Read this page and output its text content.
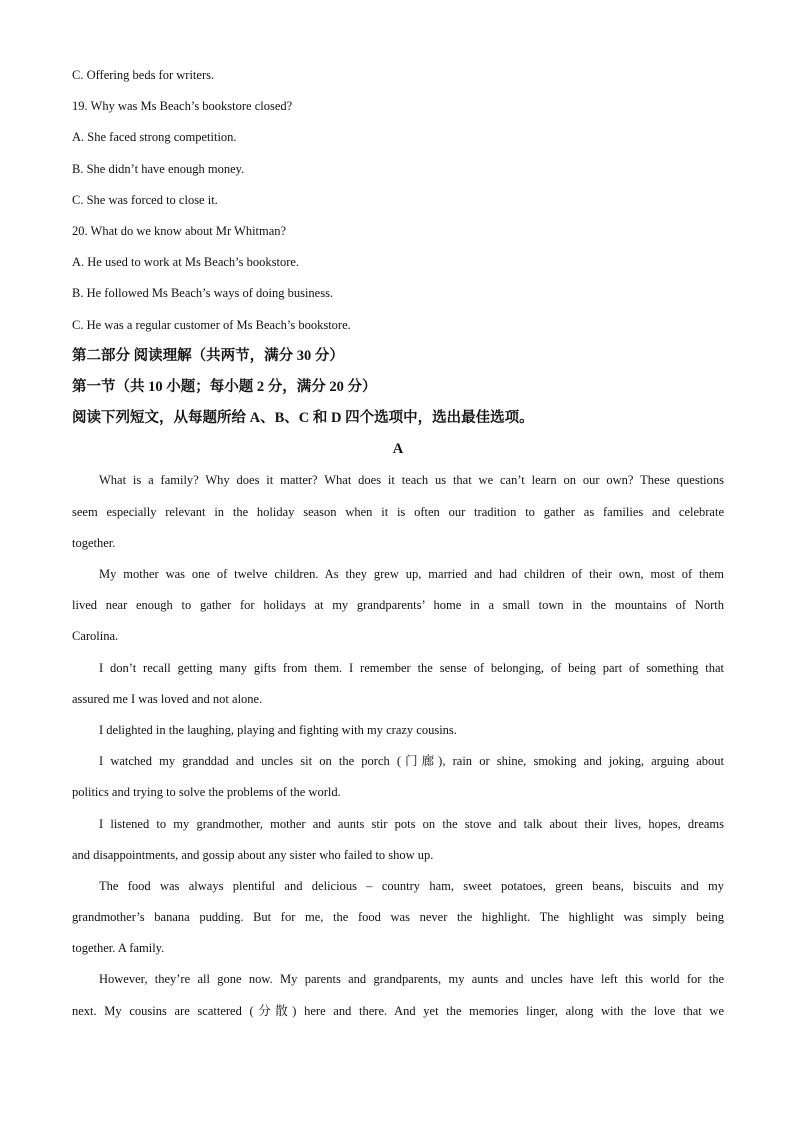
C. Offering beds for writers.
19. Why was Ms Beach’s bookstore closed?
A. She faced strong competition.
B. She didn’t have enough money.
C. She was forced to close it.
20. What do we know about Mr Whitman?
A. He used to work at Ms Beach’s bookstore.
B. He followed Ms Beach’s ways of doing business.
C. He was a regular customer of Ms Beach’s bookstore.
第二部分 阅读理解（共两节，满分 30 分）
第一节（共 10 小题；每小题 2 分，满分 20 分）
阅读下列短文，从每题所给 A、B、C 和 D 四个选项中，选出最佳选项。
A
What is a family? Why does it matter? What does it teach us that we can’t learn on our own? These questions
seem especially relevant in the holiday season when it is often our tradition to gather as families and celebrate
together.
My mother was one of twelve children. As they grew up, married and had children of their own, most of them
lived near enough to gather for holidays at my grandparents’ home in a small town in the mountains of North
Carolina.
I don’t recall getting many gifts from them. I remember the sense of belonging, of being part of something that
assured me I was loved and not alone.
I delighted in the laughing, playing and fighting with my crazy cousins.
I watched my granddad and uncles sit on the porch (门廊), rain or shine, smoking and joking, arguing about
politics and trying to solve the problems of the world.
I listened to my grandmother, mother and aunts stir pots on the stove and talk about their lives, hopes, dreams
and disappointments, and gossip about any sister who failed to show up.
The food was always plentiful and delicious – country ham, sweet potatoes, green beans, biscuits and my
grandmother’s banana pudding. But for me, the food was never the highlight. The highlight was simply being
together. A family.
However, they’re all gone now. My parents and grandparents, my aunts and uncles have left this world for the
next. My cousins are scattered (分散) here and there. And yet the memories linger, along with the love that we
